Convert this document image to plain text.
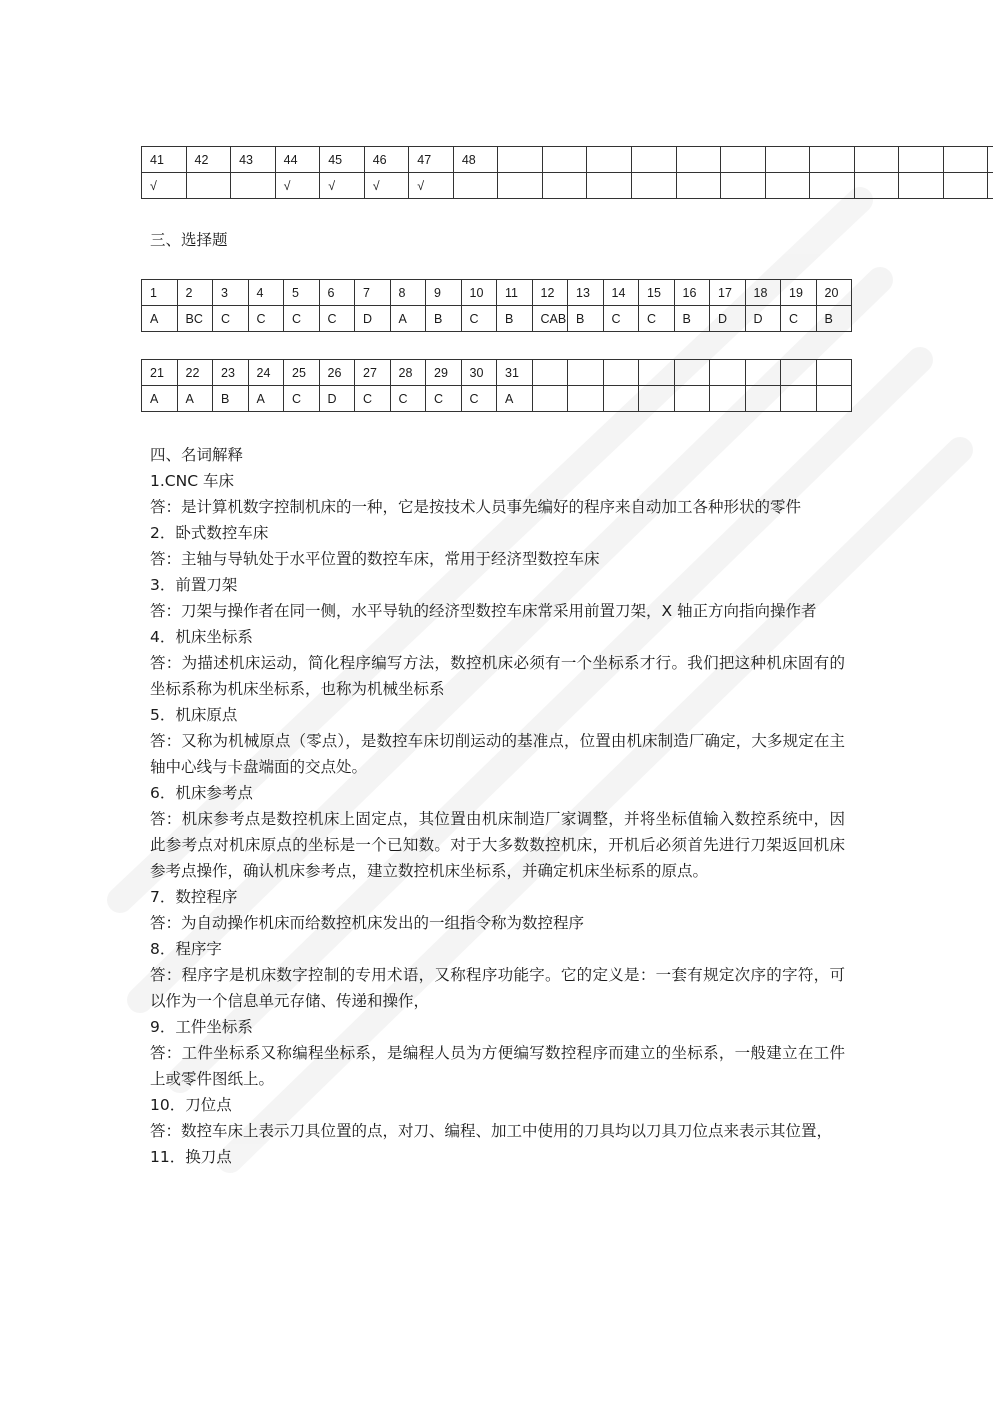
41	42	43	44	45	46	47	48												
√			√	√	√	√													
三、选择题
1	2	3	4	5	6	7	8	9	10	11	12	13	14	15	16	17	18	19	20
A	BC	C	C	C	C	D	A	B	C	B	CAB	B	C	C	B	D	D	C	B
21	22	23	24	25	26	27	28	29	30	31									
A	A	B	A	C	D	C	C	C	C	A									

四、名词解释

1.CNC 车床

答：是计算机数字控制机床的一种，它是按技术人员事先编好的程序来自动加工各种形状的零件

2．卧式数控车床

答：主轴与导轨处于水平位置的数控车床，常用于经济型数控车床

3．前置刀架

答：刀架与操作者在同一侧，水平导轨的经济型数控车床常采用前置刀架，X 轴正方向指向操作者

4．机床坐标系

答：为描述机床运动，简化程序编写方法，数控机床必须有一个坐标系才行。我们把这种机床固有的坐标系称为机床坐标系，也称为机械坐标系

5．机床原点

答：又称为机械原点（零点），是数控车床切削运动的基准点，位置由机床制造厂确定，大多规定在主轴中心线与卡盘端面的交点处。

6．机床参考点

答：机床参考点是数控机床上固定点，其位置由机床制造厂家调整，并将坐标值输入数控系统中，因此参考点对机床原点的坐标是一个已知数。对于大多数数控机床，开机后必须首先进行刀架返回机床参考点操作，确认机床参考点，建立数控机床坐标系，并确定机床坐标系的原点。

7．数控程序

答：为自动操作机床而给数控机床发出的一组指令称为数控程序

8．程序字

答：程序字是机床数字控制的专用术语，又称程序功能字。它的定义是：一套有规定次序的字符，可以作为一个信息单元存储、传递和操作，

9．工件坐标系

答：工件坐标系又称编程坐标系，是编程人员为方便编写数控程序而建立的坐标系，一般建立在工件上或零件图纸上。

10．刀位点

答：数控车床上表示刀具位置的点，对刀、编程、加工中使用的刀具均以刀具刀位点来表示其位置，

11．换刀点
